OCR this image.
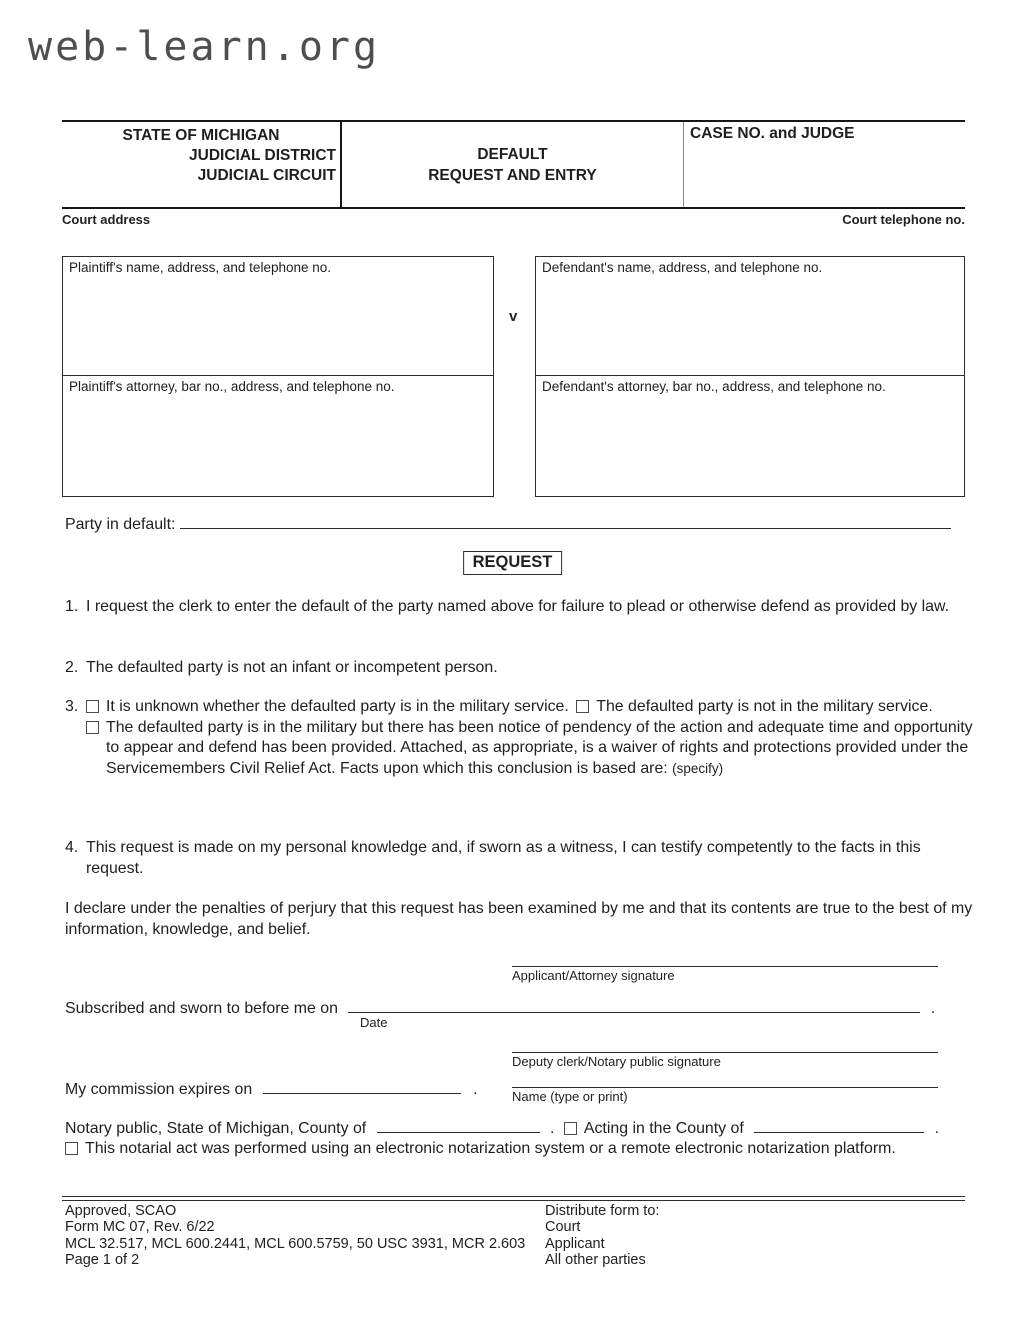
web-learn.org
STATE OF MICHIGAN
JUDICIAL DISTRICT
JUDICIAL CIRCUIT
DEFAULT
REQUEST AND ENTRY
CASE NO. and JUDGE
Court address	Court telephone no.
Plaintiff's name, address, and telephone no.
Plaintiff's attorney, bar no., address, and telephone no.
v
Defendant's name, address, and telephone no.
Defendant's attorney, bar no., address, and telephone no.
Party in default:
REQUEST
1. I request the clerk to enter the default of the party named above for failure to plead or otherwise defend as provided by law.
2. The defaulted party is not an infant or incompetent person.
3.	It is unknown whether the defaulted party is in the military service. The defaulted party is not in the military service.
The defaulted party is in the military but there has been notice of pendency of the action and adequate time and opportunity to appear and defend has been provided. Attached, as appropriate, is a waiver of rights and protections provided under the Servicemembers Civil Relief Act. Facts upon which this conclusion is based are: (specify)
4. This request is made on my personal knowledge and, if sworn as a witness, I can testify competently to the facts in this request.
I declare under the penalties of perjury that this request has been examined by me and that its contents are true to the best of my information, knowledge, and belief.
Applicant/Attorney signature
Subscribed and sworn to before me on	.
Date
Deputy clerk/Notary public signature
My commission expires on	.	Name (type or print)
Notary public, State of Michigan, County of	. Acting in the County of	.
This notarial act was performed using an electronic notarization system or a remote electronic notarization platform.
Approved, SCAO
Form MC 07, Rev. 6/22
MCL 32.517, MCL 600.2441, MCL 600.5759, 50 USC 3931, MCR 2.603
Page 1 of 2
Distribute form to:
Court
Applicant
All other parties
